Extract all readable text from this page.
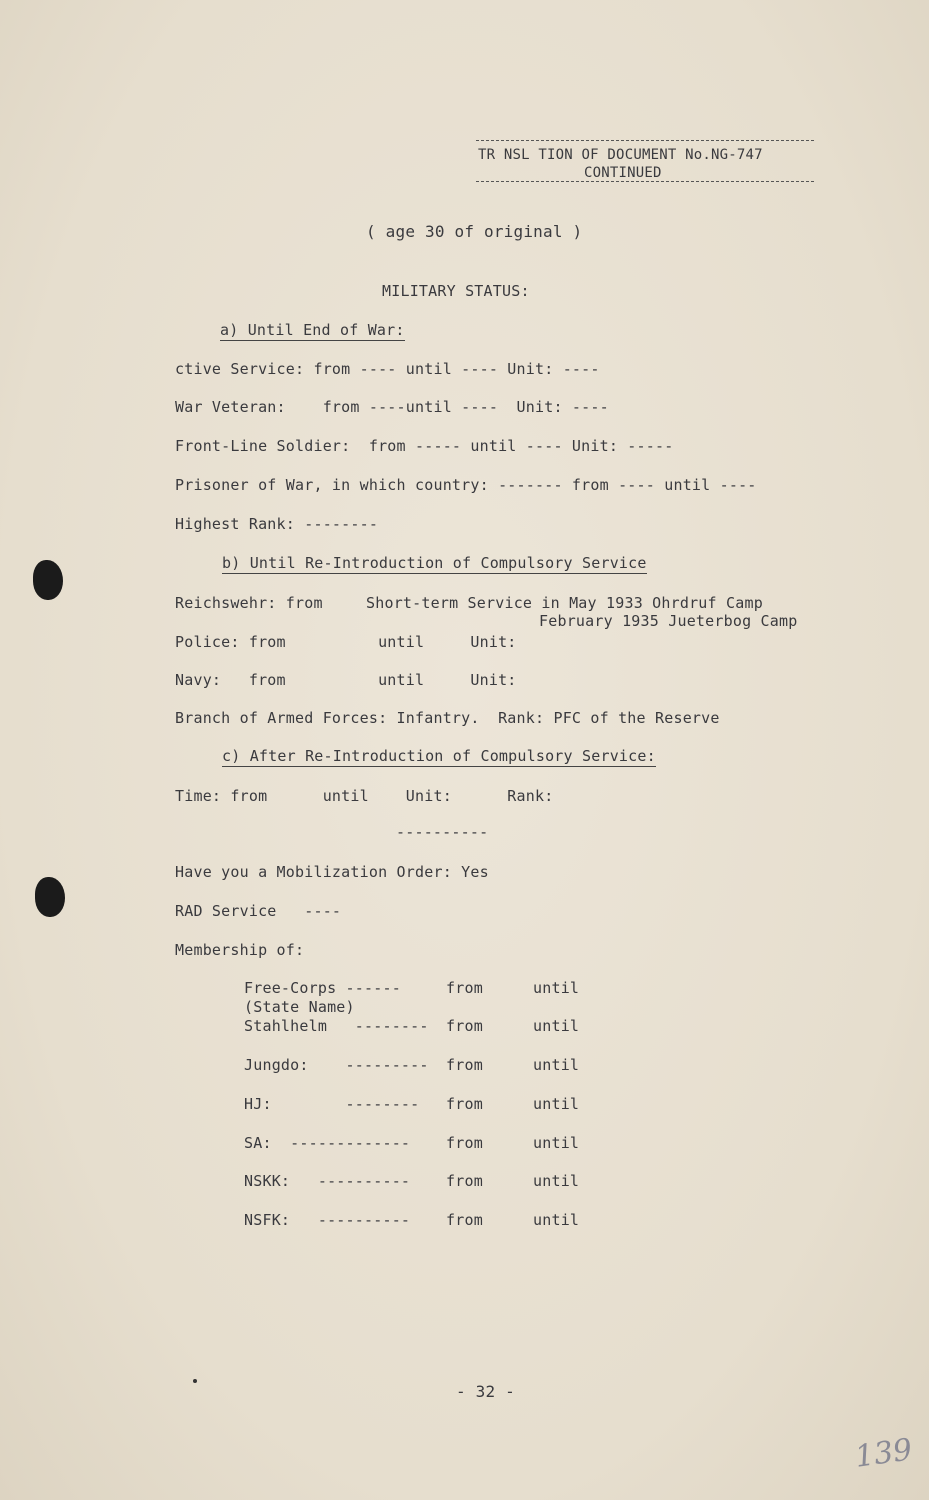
TR NSL TION OF DOCUMENT No.NG-747
CONTINUED
( age 30 of original )
MILITARY STATUS:
a) Until End of War:
ctive Service: from ---- until ---- Unit: ----
War Veteran:    from ----until ----  Unit: ----
Front-Line Soldier:  from ----- until ---- Unit: -----
Prisoner of War, in which country: ------- from ---- until ----
Highest Rank: --------
b) Until Re-Introduction of Compulsory Service
Reichswehr: from	Short-term Service in May 1933 Ohrdruf Camp
February 1935 Jueterbog Camp
Police: from          until     Unit:
Navy:   from          until     Unit:
Branch of Armed Forces: Infantry.  Rank: PFC of the Reserve
c) After Re-Introduction of Compulsory Service:
Time: from      until    Unit:      Rank:
----------
Have you a Mobilization Order: Yes
RAD Service   ----
Membership of:
Free-Corps ------	from	until
(State Name)
Stahlhelm   -------- from	until
Jungdo:    --------- from	until
HJ:        -------- from	until
SA:  ------------- from	until
NSKK:   ---------- from	until
NSFK:   ---------- from	until
- 32 -
139
